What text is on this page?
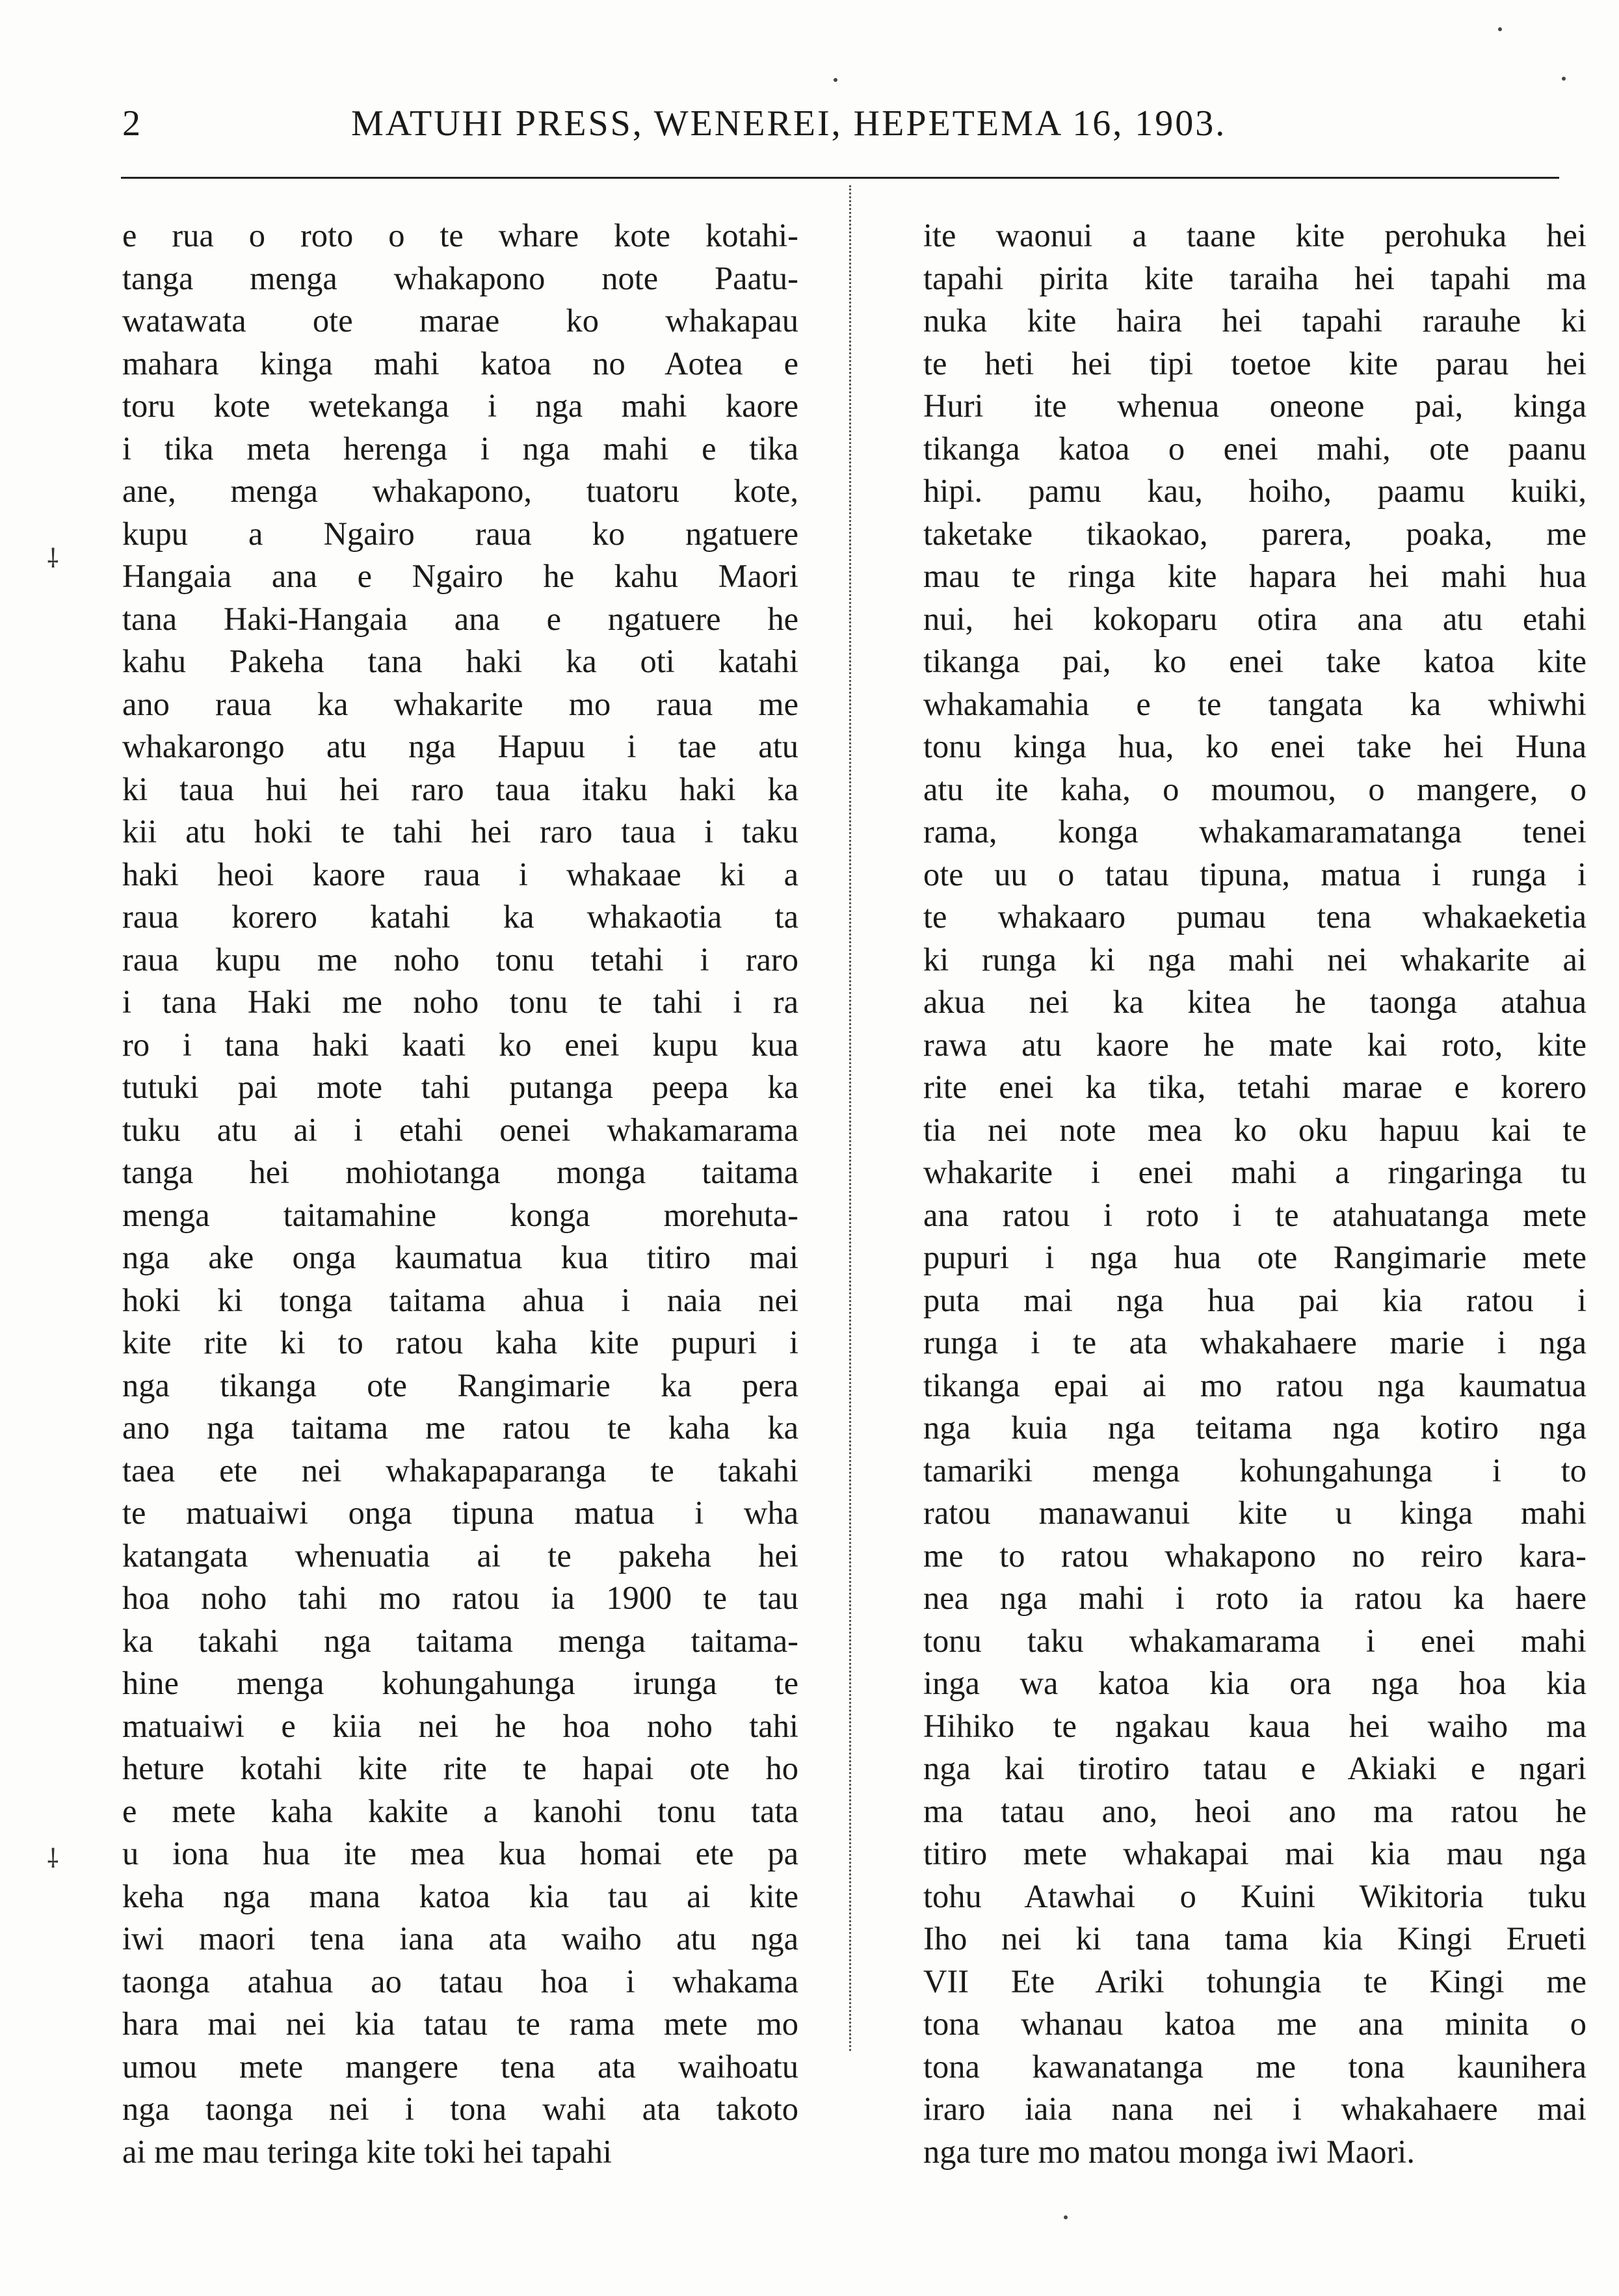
2	MATUHI PRESS, WENEREI, HEPETEMA 16, 1903.
e rua o roto o te whare kote kotahi-
tanga menga whakapono note Paatu-
watawata ote marae ko whakapau
mahara kinga mahi katoa no Aotea e
toru kote wetekanga i nga mahi kaore
i tika meta herenga i nga mahi e tika
ane, menga whakapono, tuatoru kote,
kupu a Ngairo raua ko ngatuere
Hangaia ana e Ngairo he kahu Maori
tana Haki-Hangaia ana e ngatuere he
kahu Pakeha tana haki ka oti katahi
ano raua ka whakarite mo raua me
whakarongo atu nga Hapuu i tae atu
ki taua hui hei raro taua itaku haki ka
kii atu hoki te tahi hei raro taua i taku
haki heoi kaore raua i whakaae ki a
raua korero katahi ka whakaotia ta
raua kupu me noho tonu tetahi i raro
i tana Haki me noho tonu te tahi i ra
ro i tana haki kaati ko enei kupu kua
tutuki pai mote tahi putanga peepa ka
tuku atu ai i etahi oenei whakamarama
tanga hei mohiotanga monga taitama
menga taitamahine konga morehuta-
nga ake onga kaumatua kua titiro mai
hoki ki tonga taitama ahua i naia nei
kite rite ki to ratou kaha kite pupuri i
nga tikanga ote Rangimarie ka pera
ano nga taitama me ratou te kaha ka
taea ete nei whakapaparanga te takahi
te matuaiwi onga tipuna matua i wha
katangata whenuatia ai te pakeha hei
hoa noho tahi mo ratou ia 1900 te tau
ka takahi nga taitama menga taitama-
hine menga kohungahunga irunga te
matuaiwi e kiia nei he hoa noho tahi
heture kotahi kite rite te hapai ote ho
e mete kaha kakite a kanohi tonu tata
u iona hua ite mea kua homai ete pa
keha nga mana katoa kia tau ai kite
iwi maori tena iana ata waiho atu nga
taonga atahua ao tatau hoa i whakama
hara mai nei kia tatau te rama mete mo
umou mete mangere tena ata waihoatu
nga taonga nei i tona wahi ata takoto
ai me mau teringa kite toki hei tapahi
ite waonui a taane kite perohuka hei
tapahi pirita kite taraiha hei tapahi ma
nuka kite haira hei tapahi rarauhe ki
te heti hei tipi toetoe kite parau hei
Huri ite whenua oneone pai, kinga
tikanga katoa o enei mahi, ote paanu
hipi. pamu kau, hoiho, paamu kuiki,
taketake tikaokao, parera, poaka, me
mau te ringa kite hapara hei mahi hua
nui, hei kokoparu otira ana atu etahi
tikanga pai, ko enei take katoa kite
whakamahia e te tangata ka whiwhi
tonu kinga hua, ko enei take hei Huna
atu ite kaha, o moumou, o mangere, o
rama, konga whakamaramatanga tenei
ote uu o tatau tipuna, matua i runga i
te whakaaro pumau tena whakaeketia
ki runga ki nga mahi nei whakarite ai
akua nei ka kitea he taonga atahua
rawa atu kaore he mate kai roto, kite
rite enei ka tika, tetahi marae e korero
tia nei note mea ko oku hapuu kai te
whakarite i enei mahi a ringaringa tu
ana ratou i roto i te atahuatanga mete
pupuri i nga hua ote Rangimarie mete
puta mai nga hua pai kia ratou i
runga i te ata whakahaere marie i nga
tikanga epai ai mo ratou nga kaumatua
nga kuia nga teitama nga kotiro nga
tamariki menga kohungahunga i to
ratou manawanui kite u kinga mahi
me to ratou whakapono no reiro kara-
nea nga mahi i roto ia ratou ka haere
tonu taku whakamarama i enei mahi
inga wa katoa kia ora nga hoa kia
Hihiko te ngakau kaua hei waiho ma
nga kai tirotiro tatau e Akiaki e ngari
ma tatau ano, heoi ano ma ratou he
titiro mete whakapai mai kia mau nga
tohu Atawhai o Kuini Wikitoria tuku
Iho nei ki tana tama kia Kingi Erueti
VII Ete Ariki tohungia te Kingi me
tona whanau katoa me ana minita o
tona kawanatanga me tona kaunihera
iraro iaia nana nei i whakahaere mai
nga ture mo matou monga iwi Maori.
⸸
⸸
